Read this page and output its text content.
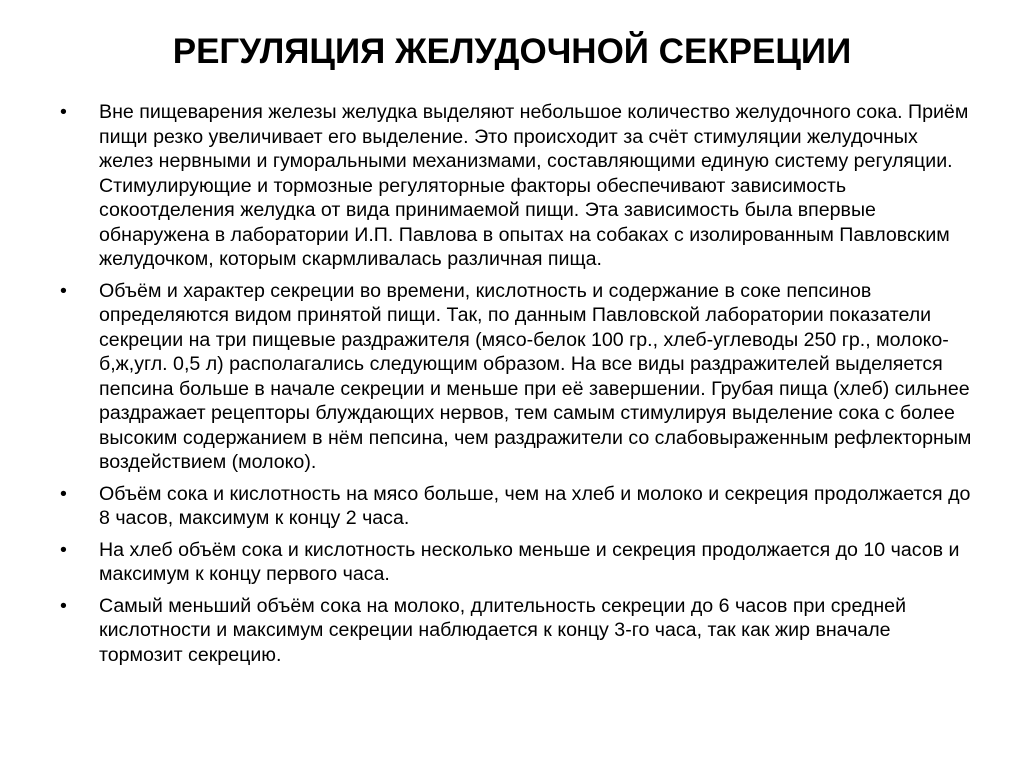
РЕГУЛЯЦИЯ ЖЕЛУДОЧНОЙ СЕКРЕЦИИ
•	Вне пищеварения железы желудка выделяют небольшое количество желудочного сока. Приём пищи резко увеличивает его выделение. Это происходит за счёт стимуляции желудочных желез нервными и гуморальными механизмами, составляющими единую систему регуляции. Стимулирующие и тормозные регуляторные факторы обеспечивают зависимость сокоотделения желудка от вида принимаемой пищи. Эта зависимость была впервые обнаружена в лаборатории И.П. Павлова в опытах на собаках с изолированным Павловским желудочком, которым скармливалась различная пища.
•	Объём и характер секреции во времени, кислотность и содержание в соке пепсинов определяются видом принятой пищи. Так, по данным Павловской лаборатории показатели секреции на три пищевые раздражителя (мясо-белок 100 гр., хлеб-углеводы 250 гр., молоко-б,ж,угл. 0,5 л) располагались следующим образом. На все виды раздражителей выделяется пепсина больше в начале секреции и меньше при её завершении. Грубая пища (хлеб) сильнее раздражает рецепторы блуждающих нервов, тем самым стимулируя выделение сока с более высоким содержанием в нём пепсина, чем раздражители со слабовыраженным рефлекторным воздействием (молоко).
•	Объём сока и кислотность на мясо больше, чем на хлеб и молоко и секреция продолжается до 8 часов, максимум к концу 2 часа.
•	На хлеб объём сока и кислотность несколько меньше и секреция продолжается до 10 часов и максимум к концу первого часа.
•	Самый меньший объём сока на молоко, длительность секреции до 6 часов при средней кислотности и максимум секреции наблюдается к концу 3-го часа, так как жир вначале тормозит секрецию.
